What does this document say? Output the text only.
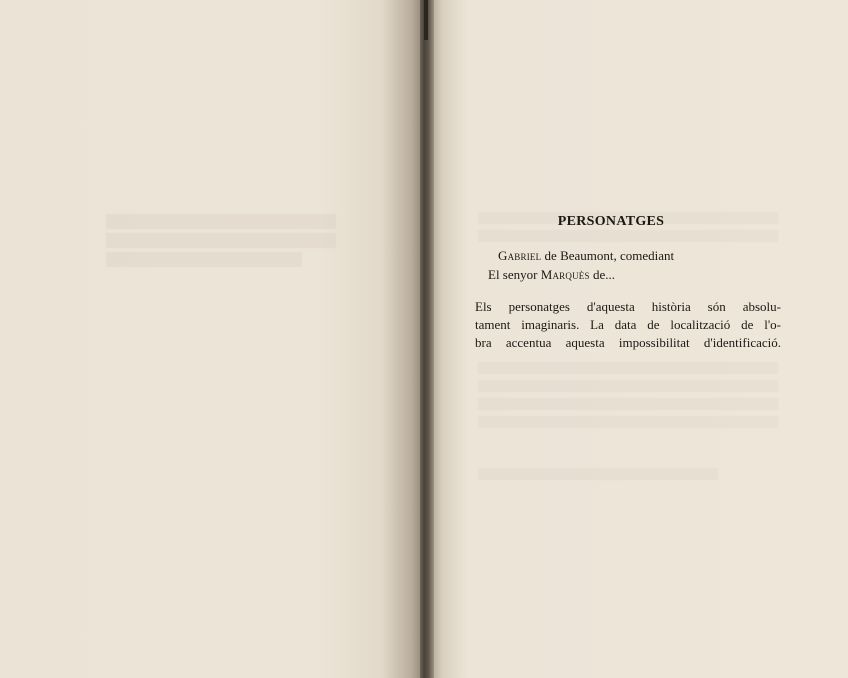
PERSONATGES
Gabriel de Beaumont, comediant
El senyor Marquès de...
Els personatges d'aquesta història són absolu-
tament imaginaris. La data de localització de l'o-
bra accentua aquesta impossibilitat d'identificació.
